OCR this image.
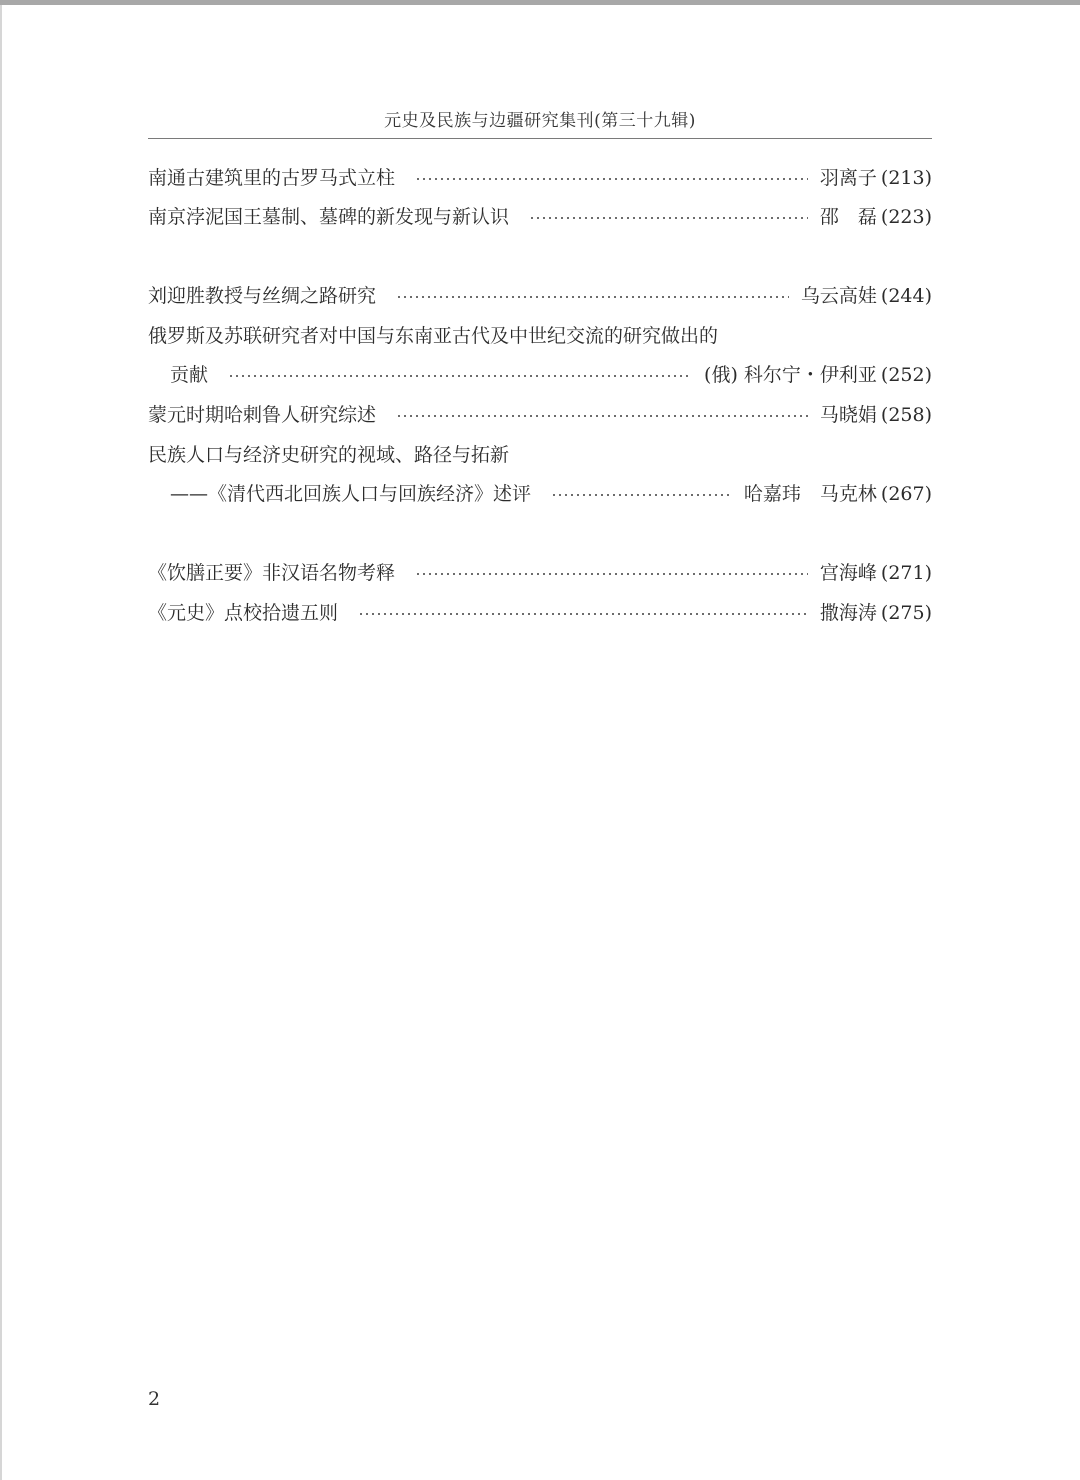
元史及民族与边疆研究集刊(第三十九辑)
南通古建筑里的古罗马式立柱	羽离子 (213)
南京浡泥国王墓制、墓碑的新发现与新认识	邵　磊 (223)
刘迎胜教授与丝绸之路研究	乌云高娃 (244)
俄罗斯及苏联研究者对中国与东南亚古代及中世纪交流的研究做出的
贡献	(俄) 科尔宁・伊利亚 (252)
蒙元时期哈剌鲁人研究综述	马晓娟 (258)
民族人口与经济史研究的视域、路径与拓新
——《清代西北回族人口与回族经济》述评	哈嘉玮　马克林 (267)
《饮膳正要》非汉语名物考释	宫海峰 (271)
《元史》点校拾遗五则	撒海涛 (275)
2
